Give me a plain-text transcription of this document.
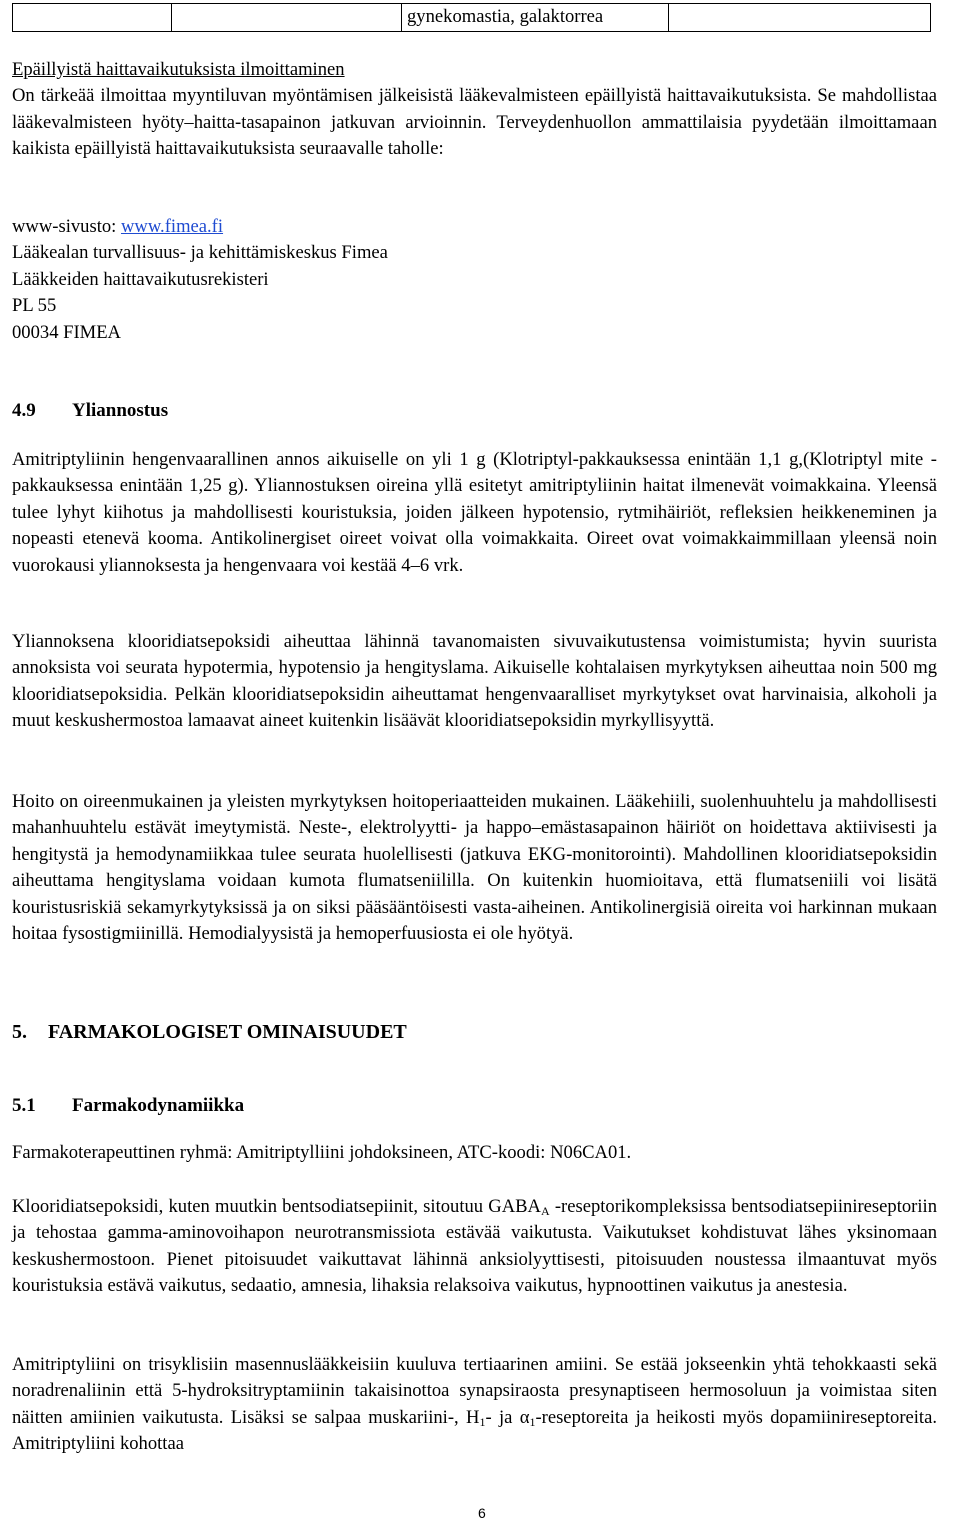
		gynekomastia, galaktorrea	

Epäillyistä haittavaikutuksista ilmoittaminen

On tärkeää ilmoittaa myyntiluvan myöntämisen jälkeisistä lääkevalmisteen epäillyistä haittavaikutuksista. Se mahdollistaa lääkevalmisteen hyöty–haitta-tasapainon jatkuvan arvioinnin. Terveydenhuollon ammattilaisia pyydetään ilmoittamaan kaikista epäillyistä haittavaikutuksista seuraavalle taholle:

www-sivusto: www.fimea.fi

Lääkealan turvallisuus- ja kehittämiskeskus Fimea

Lääkkeiden haittavaikutusrekisteri

PL 55

00034 FIMEA

4.9 Yliannostus

Amitriptyliinin hengenvaarallinen annos aikuiselle on yli 1 g (Klotriptyl-pakkauksessa enintään 1,1 g,(Klotriptyl mite -pakkauksessa enintään 1,25 g). Yliannostuksen oireina yllä esitetyt amitriptyliinin haitat ilmenevät voimakkaina. Yleensä tulee lyhyt kiihotus ja mahdollisesti kouristuksia, joiden jälkeen hypotensio, rytmihäiriöt, refleksien heikkeneminen ja nopeasti etenevä kooma. Antikolinergiset oireet voivat olla voimakkaita. Oireet ovat voimakkaimmillaan yleensä noin vuorokausi yliannoksesta ja hengenvaara voi kestää 4–6 vrk.

Yliannoksena klooridiatsepoksidi aiheuttaa lähinnä tavanomaisten sivuvaikutustensa voimistumista; hyvin suurista annoksista voi seurata hypotermia, hypotensio ja hengityslama. Aikuiselle kohtalaisen myrkytyksen aiheuttaa noin 500 mg klooridiatsepoksidia. Pelkän klooridiatsepoksidin aiheuttamat hengenvaaralliset myrkytykset ovat harvinaisia, alkoholi ja muut keskushermostoa lamaavat aineet kuitenkin lisäävät klooridiatsepoksidin myrkyllisyyttä.

Hoito on oireenmukainen ja yleisten myrkytyksen hoitoperiaatteiden mukainen. Lääkehiili, suolenhuuhtelu ja mahdollisesti mahanhuuhtelu estävät imeytymistä. Neste-, elektrolyytti- ja happo–emästasapainon häiriöt on hoidettava aktiivisesti ja hengitystä ja hemodynamiikkaa tulee seurata huolellisesti (jatkuva EKG-monitorointi). Mahdollinen klooridiatsepoksidin aiheuttama hengityslama voidaan kumota flumatseniililla. On kuitenkin huomioitava, että flumatseniili voi lisätä kouristusriskiä sekamyrkytyksissä ja on siksi pääsääntöisesti vasta-aiheinen. Antikolinergisiä oireita voi harkinnan mukaan hoitaa fysostigmiinillä. Hemodialyysistä ja hemoperfuusiosta ei ole hyötyä.

5. FARMAKOLOGISET OMINAISUUDET
5.1 Farmakodynamiikka

Farmakoterapeuttinen ryhmä: Amitriptylliini johdoksineen, ATC-koodi: N06CA01.

Klooridiatsepoksidi, kuten muutkin bentsodiatsepiinit, sitoutuu $GABA_A$ -reseptorikompleksissa bentsodiatsepiinireseptoriin ja tehostaa gamma-aminovoihapon neurotransmissiota estävää vaikutusta. Vaikutukset kohdistuvat lähes yksinomaan keskushermostoon. Pienet pitoisuudet vaikuttavat lähinnä anksiolyyttisesti, pitoisuuden noustessa ilmaantuvat myös kouristuksia estävä vaikutus, sedaatio, amnesia, lihaksia relaksoiva vaikutus, hypnoottinen vaikutus ja anestesia.

Amitriptyliini on trisyklisiin masennuslääkkeisiin kuuluva tertiaarinen amiini. Se estää jokseenkin yhtä tehokkaasti sekä noradrenaliinin että 5-hydroksitryptamiinin takaisinottoa synapsiraosta presynaptiseen hermosoluun ja voimistaa siten näitten amiinien vaikutusta. Lisäksi se salpaa muskariini-, $H_1-$ ja $\alpha_1$-reseptoreita ja heikosti myös dopamiinireseptoreita. Amitriptyliini kohottaa

6
